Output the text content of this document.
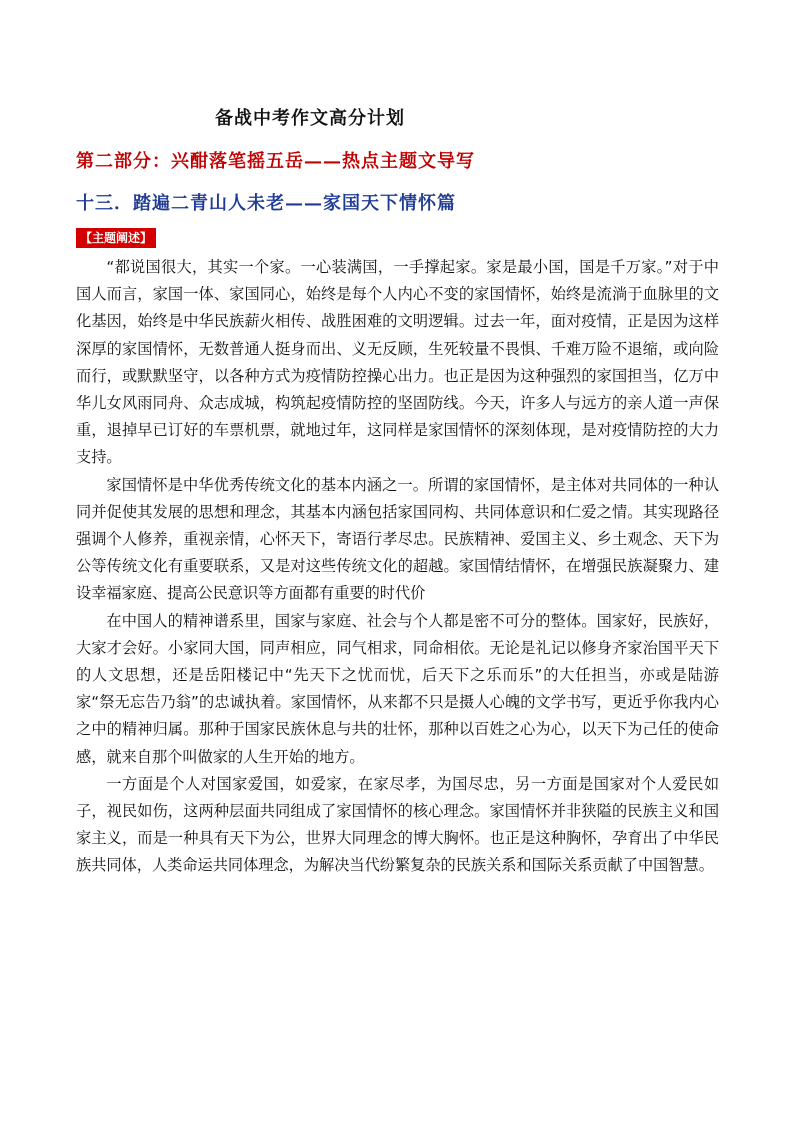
备战中考作文高分计划
第二部分：兴酣落笔摇五岳——热点主题文导写
十三．踏遍二青山人未老——家国天下情怀篇
【主题阐述】

“都说国很大，其实一个家。一心装满国，一手撑起家。家是最小国，国是千万家。”对于中国人而言，家国一体、家国同心，始终是每个人内心不变的家国情怀，始终是流淌于血脉里的文化基因，始终是中华民族薪火相传、战胜困难的文明逻辑。过去一年，面对疫情，正是因为这样深厚的家国情怀，无数普通人挺身而出、义无反顾，生死较量不畏惧、千难万险不退缩，或向险而行，或默默坚守，以各种方式为疫情防控操心出力。也正是因为这种强烈的家国担当，亿万中华儿女风雨同舟、众志成城，构筑起疫情防控的坚固防线。今天，许多人与远方的亲人道一声保重，退掉早已订好的车票机票，就地过年，这同样是家国情怀的深刻体现，是对疫情防控的大力支持。

家国情怀是中华优秀传统文化的基本内涵之一。所谓的家国情怀，是主体对共同体的一种认同并促使其发展的思想和理念，其基本内涵包括家国同构、共同体意识和仁爱之情。其实现路径强调个人修养，重视亲情，心怀天下，寄语行孝尽忠。民族精神、爱国主义、乡土观念、天下为公等传统文化有重要联系，又是对这些传统文化的超越。家国情结情怀，在增强民族凝聚力、建设幸福家庭、提高公民意识等方面都有重要的时代价

在中国人的精神谱系里，国家与家庭、社会与个人都是密不可分的整体。国家好，民族好，大家才会好。小家同大国，同声相应，同气相求，同命相依。无论是礼记以修身齐家治国平天下的人文思想，还是岳阳楼记中“先天下之忧而忧，后天下之乐而乐”的大任担当，亦或是陆游家“祭无忘告乃翁”的忠诚执着。家国情怀，从来都不只是摄人心魄的文学书写，更近乎你我内心之中的精神归属。那种于国家民族休息与共的壮怀，那种以百姓之心为心，以天下为己任的使命感，就来自那个叫做家的人生开始的地方。

一方面是个人对国家爱国，如爱家，在家尽孝，为国尽忠，另一方面是国家对个人爱民如子，视民如伤，这两种层面共同组成了家国情怀的核心理念。家国情怀并非狭隘的民族主义和国家主义，而是一种具有天下为公，世界大同理念的博大胸怀。也正是这种胸怀，孕育出了中华民族共同体，人类命运共同体理念，为解决当代纷繁复杂的民族关系和国际关系贡献了中国智慧。
